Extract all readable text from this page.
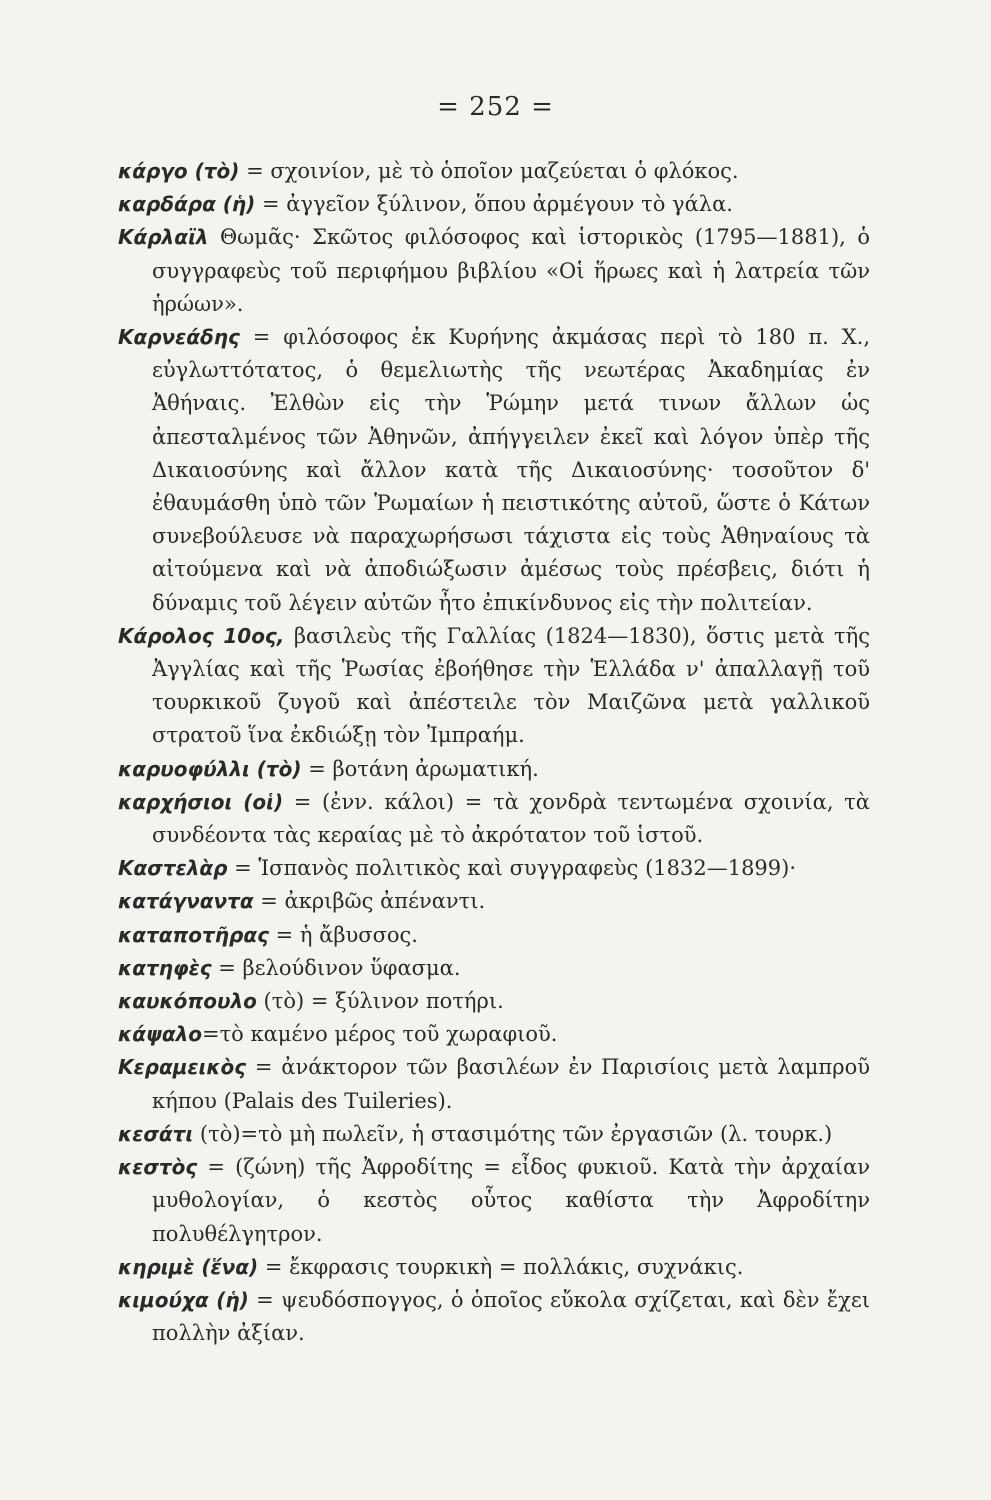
= 252 =

κάργο (τὸ) = σχοινίον, μὲ τὸ ὁποῖον μαζεύεται ὁ φλόκος.

καρδάρα (ἡ) = ἀγγεῖον ξύλινον, ὅπου ἀρμέγουν τὸ γάλα.

Κάρλαϊλ Θωμᾶς· Σκῶτος φιλόσοφος καὶ ἱστορικὸς (1795—1881), ὁ συγγραφεὺς τοῦ περιφήμου βιβλίου «Οἱ ἥρωες καὶ ἡ λατρεία τῶν ἡρώων».

Καρνεάδης = φιλόσοφος ἐκ Κυρήνης ἀκμάσας περὶ τὸ 180 π. Χ., εὐγλωττότατος, ὁ θεμελιωτὴς τῆς νεωτέρας Ἀκαδημίας ἐν Ἀθήναις. Ἐλθὼν εἰς τὴν Ῥώμην μετά τινων ἄλλων ὡς ἀπεσταλμένος τῶν Ἀθηνῶν, ἀπήγγειλεν ἐκεῖ καὶ λόγον ὑπὲρ τῆς Δικαιοσύνης καὶ ἄλλον κατὰ τῆς Δικαιοσύνης· τοσοῦτον δ' ἐθαυμάσθη ὑπὸ τῶν Ῥωμαίων ἡ πειστικότης αὐτοῦ, ὥστε ὁ Κάτων συνεβούλευσε νὰ παραχωρήσωσι τάχιστα εἰς τοὺς Ἀθηναίους τὰ αἰτούμενα καὶ νὰ ἀποδιώξωσιν ἀμέσως τοὺς πρέσβεις, διότι ἡ δύναμις τοῦ λέγειν αὐτῶν ἦτο ἐπικίνδυνος εἰς τὴν πολιτείαν.

Κάρολος 10ος, βασιλεὺς τῆς Γαλλίας (1824—1830), ὅστις μετὰ τῆς Ἀγγλίας καὶ τῆς Ῥωσίας ἐβοήθησε τὴν Ἑλλάδα ν' ἀπαλλαγῇ τοῦ τουρκικοῦ ζυγοῦ καὶ ἀπέστειλε τὸν Μαιζῶνα μετὰ γαλλικοῦ στρατοῦ ἵνα ἐκδιώξῃ τὸν Ἰμπραήμ.

καρυοφύλλι (τὸ) = βοτάνη ἀρωματική.

καρχήσιοι (οἱ) = (ἐνν. κάλοι) = τὰ χονδρὰ τεντωμένα σχοινία, τὰ συνδέοντα τὰς κεραίας μὲ τὸ ἀκρότατον τοῦ ἱστοῦ.

Καστελὰρ = Ἱσπανὸς πολιτικὸς καὶ συγγραφεὺς (1832—1899)·

κατάγναντα = ἀκριβῶς ἀπέναντι.

καταποτῆρας = ἡ ἄβυσσος.

κατηφὲς = βελούδινον ὕφασμα.

καυκόπουλο (τὸ) = ξύλινον ποτήρι.

κάψαλο=τὸ καμένο μέρος τοῦ χωραφιοῦ.

Κεραμεικὸς = ἀνάκτορον τῶν βασιλέων ἐν Παρισίοις μετὰ λαμπροῦ κήπου (Palais des Tuileries).

κεσάτι (τὸ)=τὸ μὴ πωλεῖν, ἡ στασιμότης τῶν ἐργασιῶν (λ. τουρκ.)

κεστὸς = (ζώνη) τῆς Ἀφροδίτης = εἶδος φυκιοῦ. Κατὰ τὴν ἀρχαίαν μυθολογίαν, ὁ κεστὸς οὗτος καθίστα τὴν Ἀφροδίτην πολυθέλγητρον.

κηριμὲ (ἕνα) = ἔκφρασις τουρκικὴ = πολλάκις, συχνάκις.

κιμούχα (ἡ) = ψευδόσπογγος, ὁ ὁποῖος εὔκολα σχίζεται, καὶ δὲν ἔχει πολλὴν ἀξίαν.
